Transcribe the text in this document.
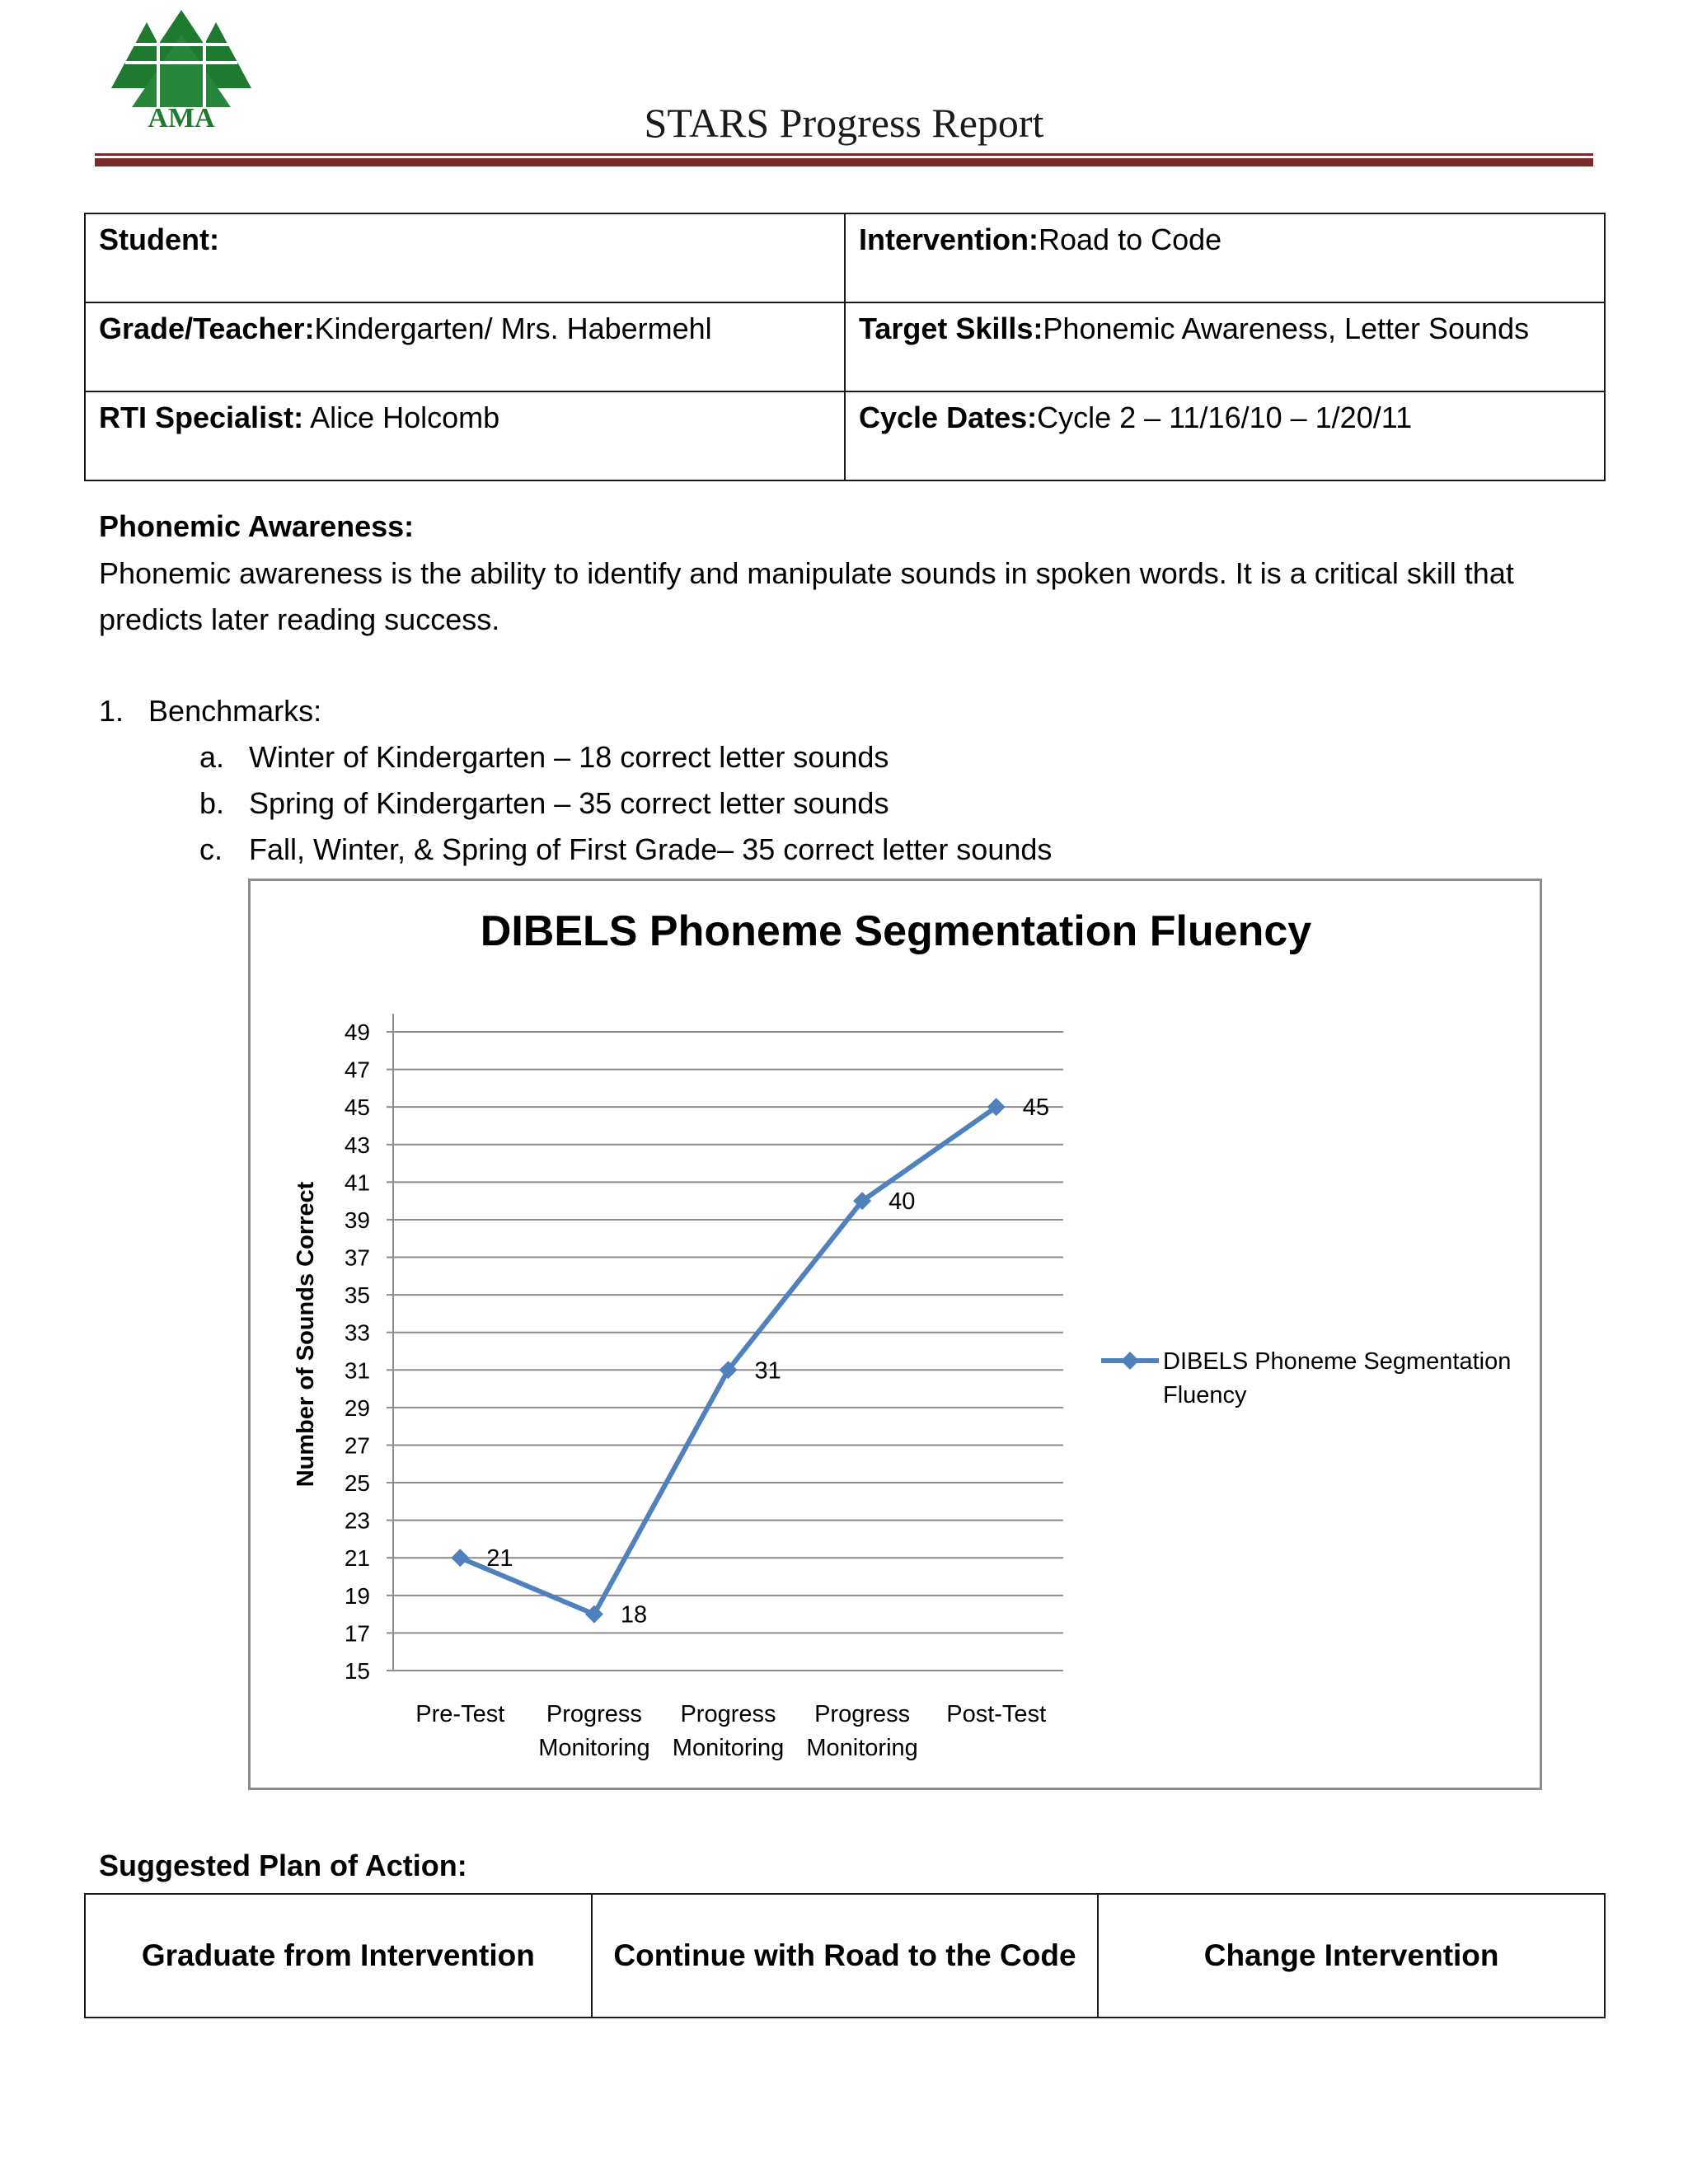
AMA	STARS Progress Report
Student:	Intervention:Road to Code
Grade/Teacher:Kindergarten/ Mrs. Habermehl	Target Skills:Phonemic Awareness, Letter Sounds
RTI Specialist: Alice Holcomb	Cycle Dates:Cycle 2 – 11/16/10 – 1/20/11
Phonemic Awareness:
Phonemic awareness is the ability to identify and manipulate sounds in spoken words. It is a critical skill that predicts later reading success.
1. Benchmarks:
a. Winter of Kindergarten – 18 correct letter sounds
b. Spring of Kindergarten – 35 correct letter sounds
c. Fall, Winter, & Spring of First Grade– 35 correct letter sounds
DIBELS Phoneme Segmentation Fluency
Number of Sounds Correct
15
17
19
21
23
25
27
29
31
33
35
37
39
41
43
45
47
49
Pre-Test Progress
Monitoring
Progress
Monitoring
Progress
Monitoring
Post-Test
21
18
31
40
45
DIBELS Phoneme Segmentation
Fluency
Suggested Plan of Action:
Graduate from Intervention	Continue with Road to the Code	Change Intervention
